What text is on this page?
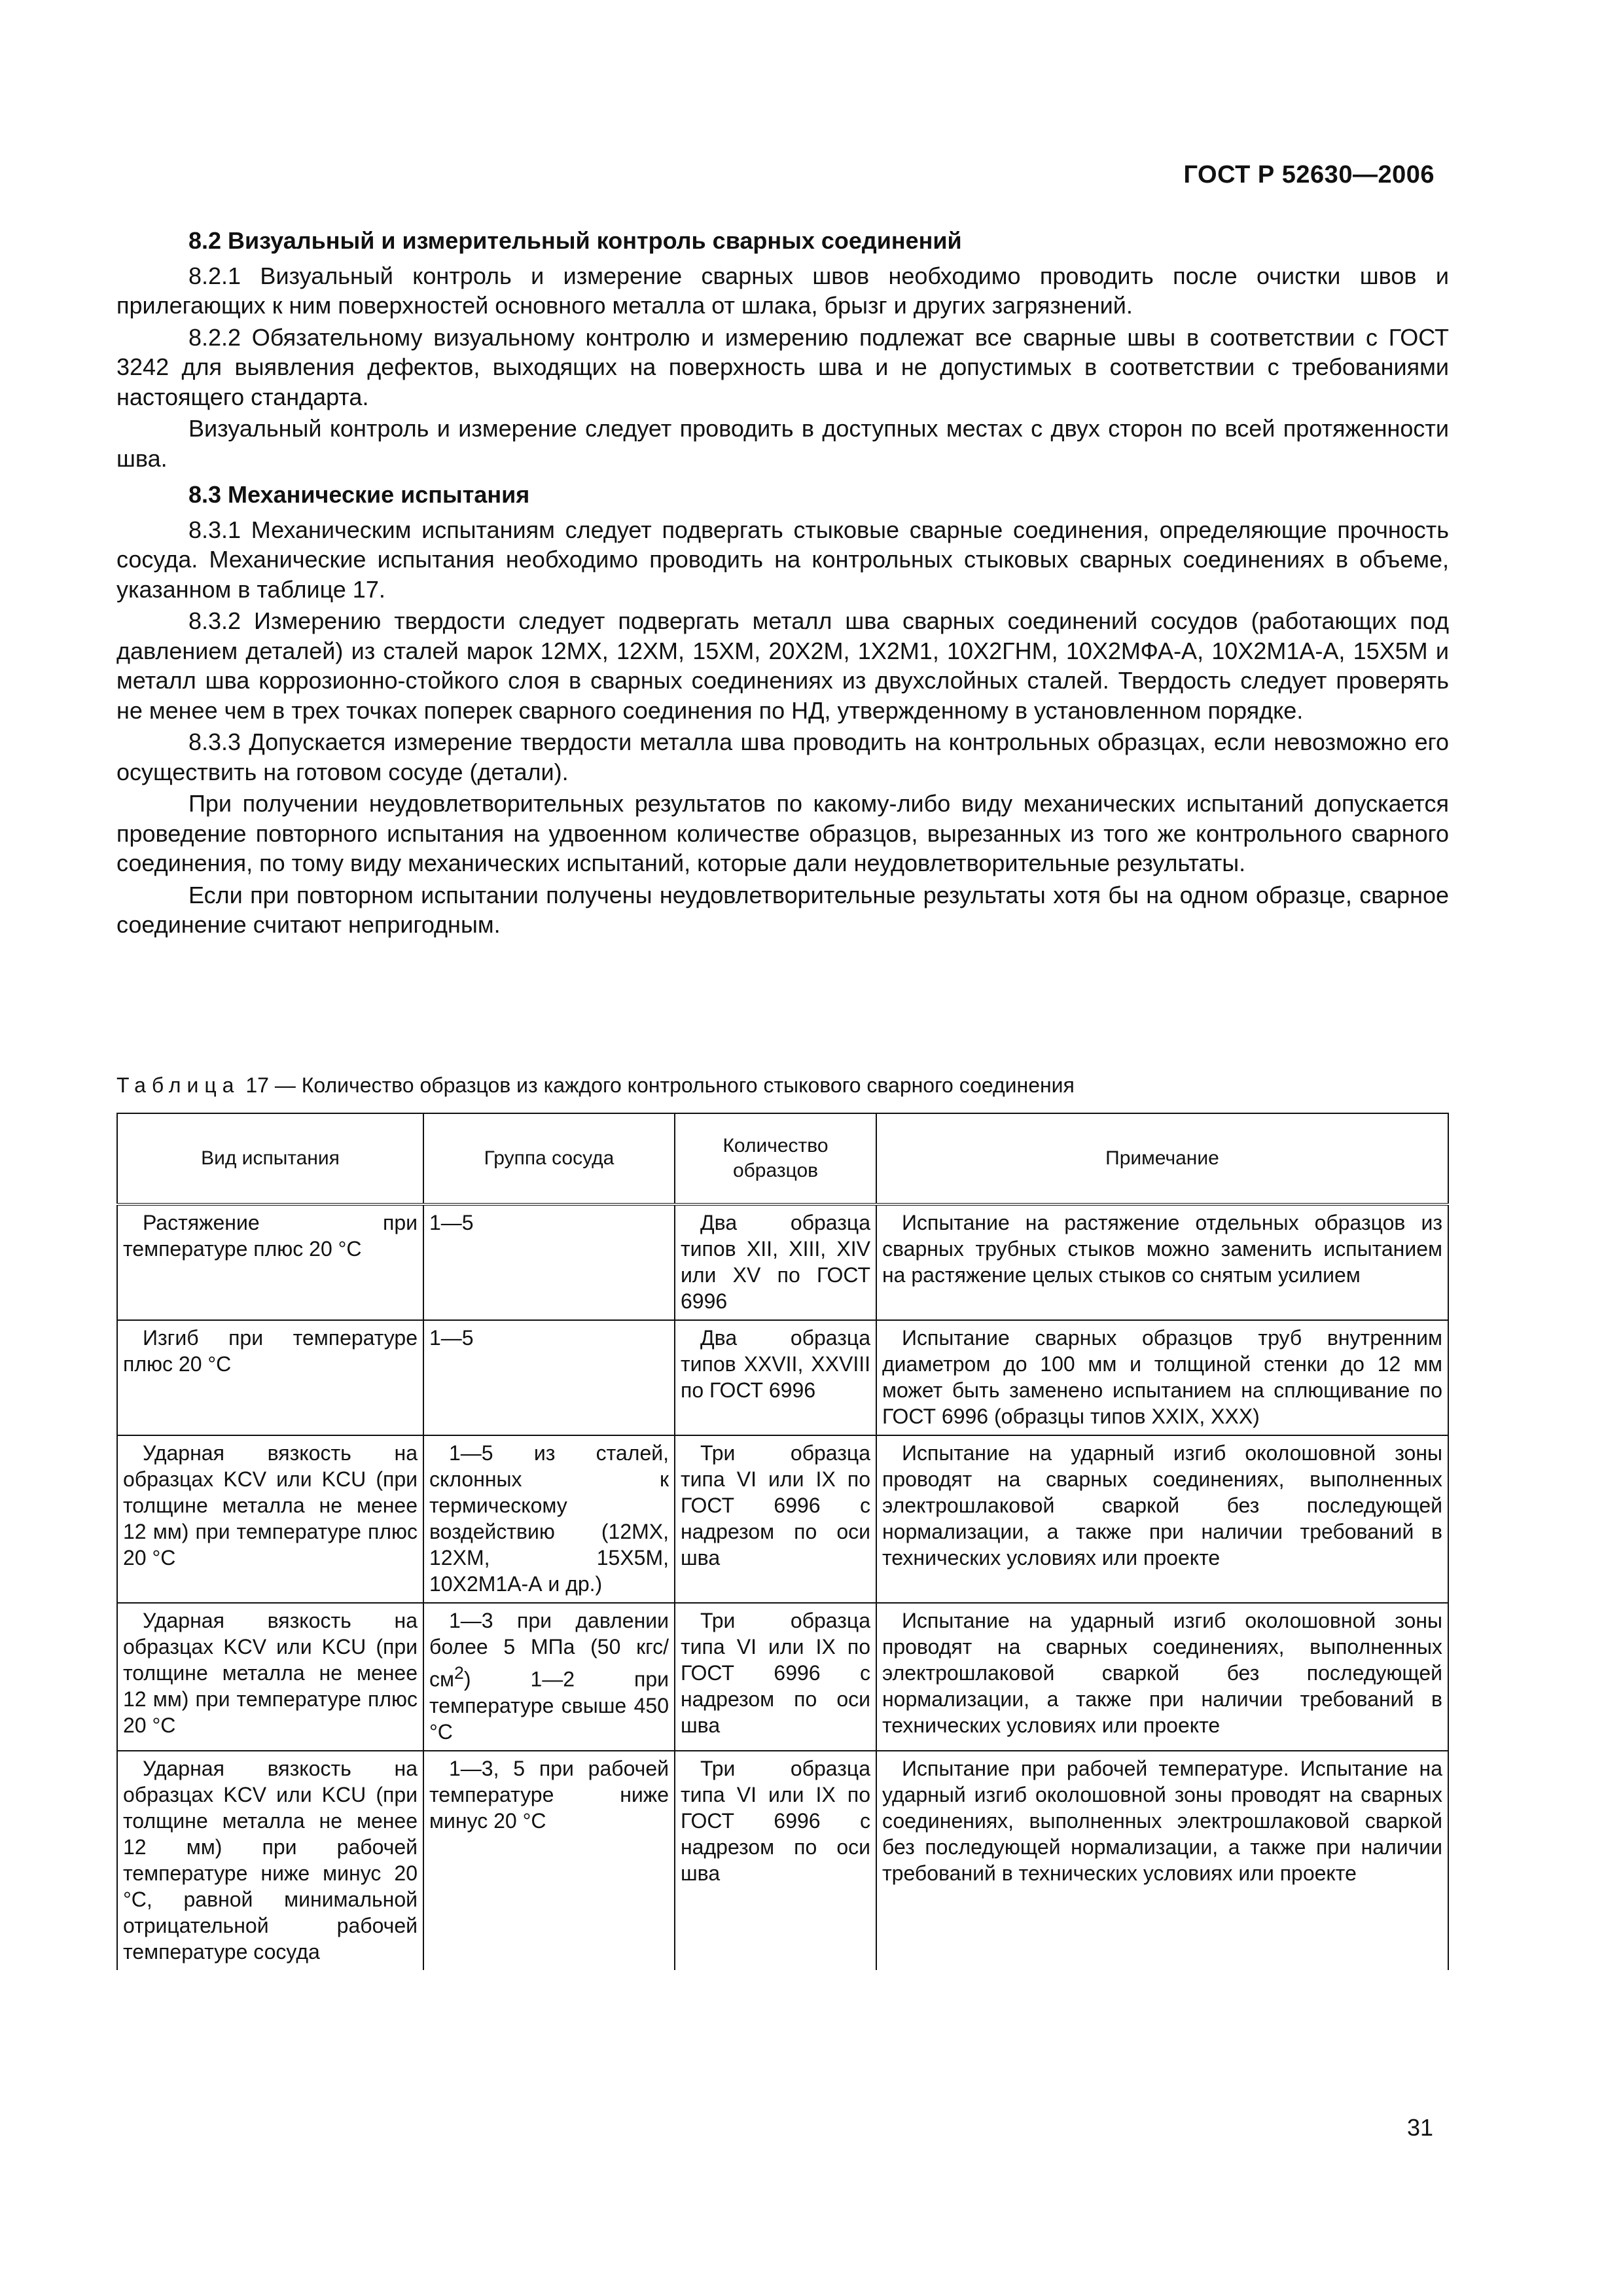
ГОСТ Р 52630—2006
8.2 Визуальный и измерительный контроль сварных соединений

8.2.1 Визуальный контроль и измерение сварных швов необходимо проводить после очистки швов и прилегающих к ним поверхностей основного металла от шлака, брызг и других загрязнений.

8.2.2 Обязательному визуальному контролю и измерению подлежат все сварные швы в соответствии с ГОСТ 3242 для выявления дефектов, выходящих на поверхность шва и не допустимых в соответствии с требованиями настоящего стандарта.

Визуальный контроль и измерение следует проводить в доступных местах с двух сторон по всей протяженности шва.

8.3 Механические испытания

8.3.1 Механическим испытаниям следует подвергать стыковые сварные соединения, определяющие прочность сосуда. Механические испытания необходимо проводить на контрольных стыковых сварных соединениях в объеме, указанном в таблице 17.

8.3.2 Измерению твердости следует подвергать металл шва сварных соединений сосудов (работающих под давлением деталей) из сталей марок 12МХ, 12ХМ, 15ХМ, 20Х2М, 1Х2М1, 10Х2ГНМ, 10Х2МФА-А, 10Х2М1А-А, 15Х5М и металл шва коррозионно-стойкого слоя в сварных соединениях из двухслойных сталей. Твердость следует проверять не менее чем в трех точках поперек сварного соединения по НД, утвержденному в установленном порядке.

8.3.3 Допускается измерение твердости металла шва проводить на контрольных образцах, если невозможно его осуществить на готовом сосуде (детали).

При получении неудовлетворительных результатов по какому-либо виду механических испытаний допускается проведение повторного испытания на удвоенном количестве образцов, вырезанных из того же контрольного сварного соединения, по тому виду механических испытаний, которые дали неудовлетворительные результаты.

Если при повторном испытании получены неудовлетворительные результаты хотя бы на одном образце, сварное соединение считают непригодным.

Таблица 17 — Количество образцов из каждого контрольного стыкового сварного соединения
Вид испытания	Группа сосуда	Количество образцов	Примечание

Растяжение при температуре плюс 20 °С	1—5	Два образца типов XII, XIII, XIV или XV по ГОСТ 6996	Испытание на растяжение отдельных образцов из сварных трубных стыков можно заменить испытанием на растяжение целых стыков со снятым усилием

Изгиб при температуре плюс 20 °С	1—5	Два образца типов XXVII, XXVIII по ГОСТ 6996	Испытание сварных образцов труб внутренним диаметром до 100 мм и толщиной стенки до 12 мм может быть заменено испытанием на сплющивание по ГОСТ 6996 (образцы типов XXIX, XXX)

Ударная вязкость на образцах KCV или KCU (при толщине металла не менее 12 мм) при температуре плюс 20 °С	1—5 из сталей, склонных к термическому воздействию (12МХ, 12ХМ, 15Х5М, 10Х2М1А-А и др.)	Три образца типа VI или IX по ГОСТ 6996 с надрезом по оси шва	Испытание на ударный изгиб околошовной зоны проводят на сварных соединениях, выполненных электрошлаковой сваркой без последующей нормализации, а также при наличии требований в технических условиях или проекте

Ударная вязкость на образцах KCV или KCU (при толщине металла не менее 12 мм) при температуре плюс 20 °С	1—3 при давлении более 5 МПа (50 кгс/$см^2$) 1—2 при температуре свыше 450 °С	Три образца типа VI или IX по ГОСТ 6996 с надрезом по оси шва	Испытание на ударный изгиб околошовной зоны проводят на сварных соединениях, выполненных электрошлаковой сваркой без последующей нормализации, а также при наличии требований в технических условиях или проекте

Ударная вязкость на образцах KCV или KCU (при толщине металла не менее 12 мм) при рабочей температуре ниже минус 20 °С, равной минимальной отрицательной рабочей температуре сосуда	1—3, 5 при рабочей температуре ниже минус 20 °С	Три образца типа VI или IX по ГОСТ 6996 с надрезом по оси шва	Испытание при рабочей температуре. Испытание на ударный изгиб околошовной зоны проводят на сварных соединениях, выполненных электрошлаковой сваркой без последующей нормализации, а также при наличии требований в технических условиях или проекте
31
